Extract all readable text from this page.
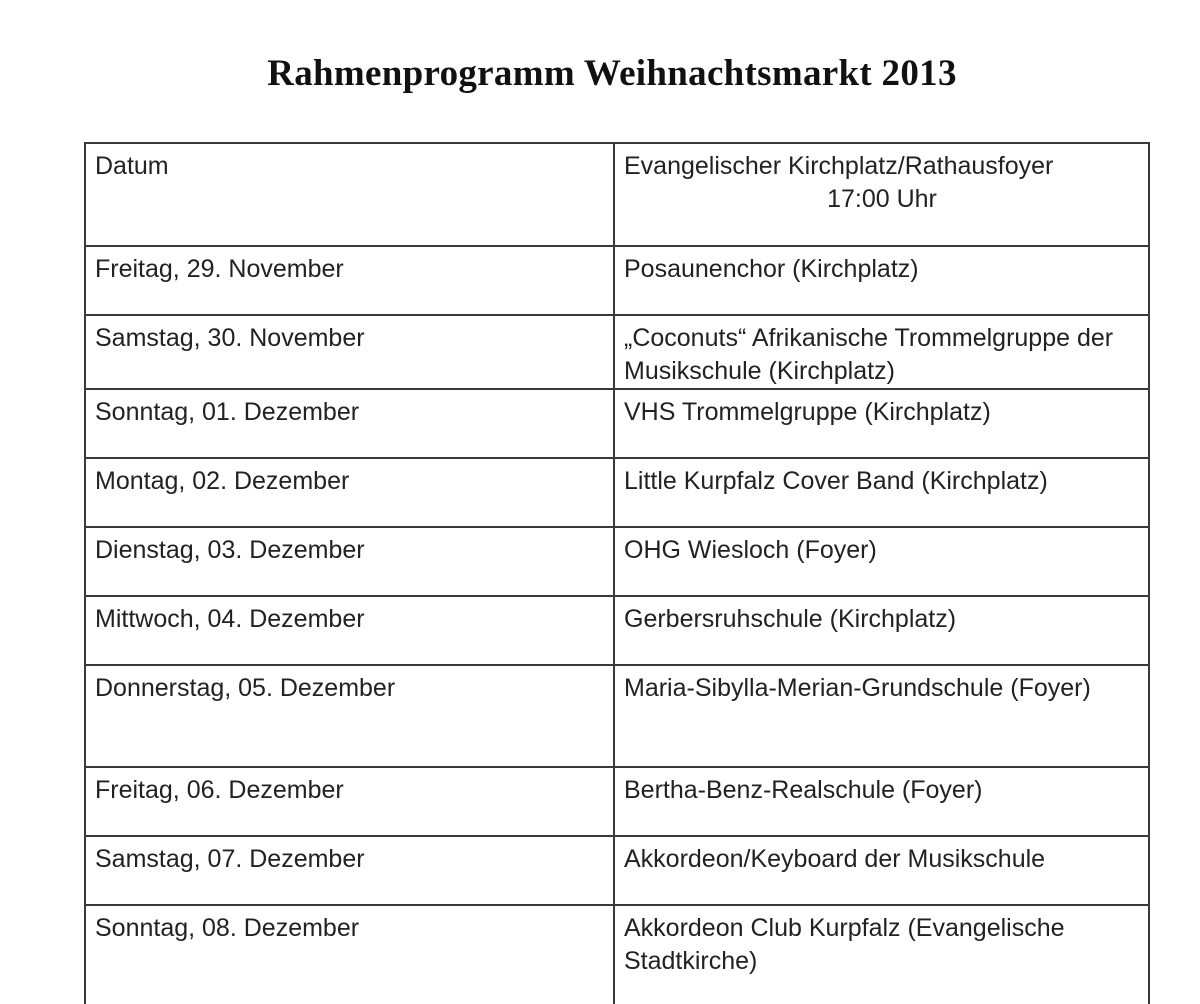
Rahmenprogramm Weihnachtsmarkt 2013
Datum	Evangelischer Kirchplatz/Rathausfoyer
17:00 Uhr

Freitag, 29. November	Posaunenchor (Kirchplatz)
Samstag, 30. November	„Coconuts“ Afrikanische Trommelgruppe der Musikschule (Kirchplatz)
Sonntag, 01. Dezember	VHS Trommelgruppe (Kirchplatz)
Montag, 02. Dezember	Little Kurpfalz Cover Band (Kirchplatz)
Dienstag, 03. Dezember	OHG Wiesloch (Foyer)
Mittwoch, 04. Dezember	Gerbersruhschule (Kirchplatz)
Donnerstag, 05. Dezember	Maria-Sibylla-Merian-Grundschule (Foyer)
Freitag, 06. Dezember	Bertha-Benz-Realschule (Foyer)
Samstag, 07. Dezember	Akkordeon/Keyboard der Musikschule
Sonntag, 08. Dezember	Akkordeon Club Kurpfalz (Evangelische Stadtkirche)
